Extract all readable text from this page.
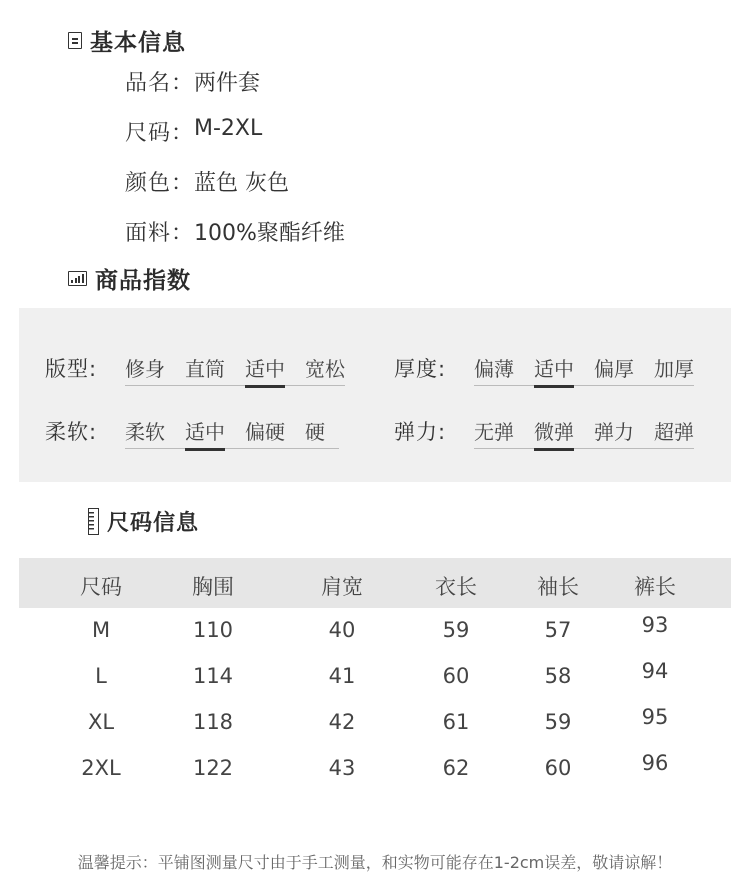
基本信息
品名： 两件套
尺码： M-2XL
颜色： 蓝色 灰色
面料： 100%聚酯纤维
商品指数
版型:	修身 直筒 适中 宽松 厚度:	偏薄 适中 偏厚 加厚
柔软:	柔软 适中 偏硬 硬	弹力:	无弹 微弹 弹力 超弹
尺码信息
尺码	胸围	肩宽	衣长	袖长	裤长
M	110	40	59	57	93
L	114	41	60	58	94
XL	118	42	61	59	95
2XL	122	43	62	60	96
温馨提示：平铺图测量尺寸由于手工测量，和实物可能存在1-2cm误差，敬请谅解！
